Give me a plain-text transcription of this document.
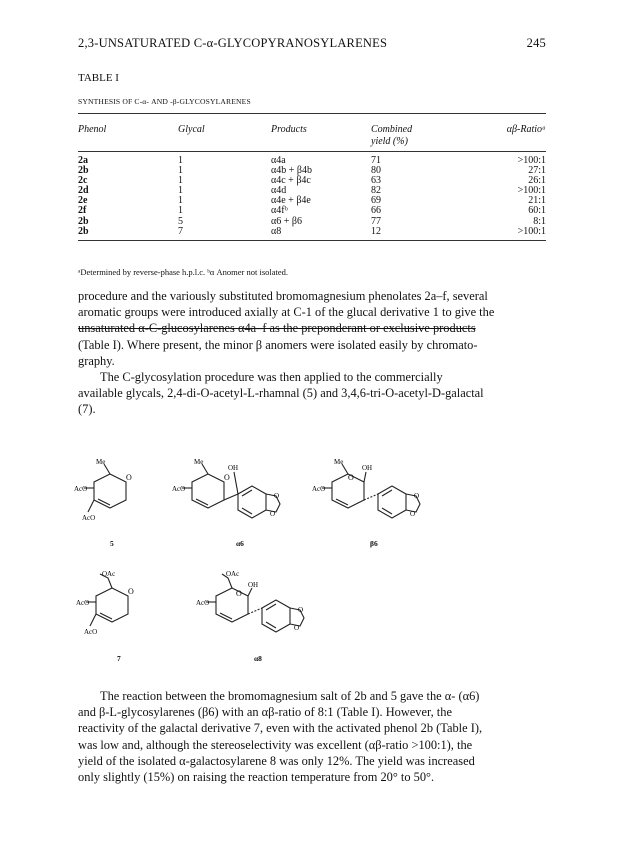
2,3-UNSATURATED C-α-GLYCOPYRANOSYLARENES	245
TABLE I
SYNTHESIS OF C-α- AND -β-GLYCOSYLARENES
Phenol	Glycal	Products	Combined
yield (%)
αβ-Ratioᵃ
2a	1	α4a	71	>100:1
2b	1	α4b + β4b	80	27:1
2c	1	α4c + β4c	63	26:1
2d	1	α4d	82	>100:1
2e	1	α4e + β4e	69	21:1
2f	1	α4fᵇ	66	60:1
2b	5	α6 + β6	77	8:1
2b	7	α8	12	>100:1
ᵃDetermined by reverse-phase h.p.l.c. ᵇα Anomer not isolated.

procedure and the variously substituted bromomagnesium phenolates 2a–f, several

aromatic groups were introduced axially at C-1 of the glucal derivative 1 to give the

unsaturated α-C-glucosylarenes α4a–f as the preponderant or exclusive products

(Table I). Where present, the minor β anomers were isolated easily by chromato-

graphy.

The C-glycosylation procedure was then applied to the commercially

available glycals, 2,4-di-O-acetyl-L-rhamnal (5) and 3,4,6-tri-O-acetyl-D-galactal

(7).

Me
O
AcO
AcO
5
Me
OH
O
AcO
O
O
α6
Me
OH
O
AcO
O
O
β6
OAc
O
AcO
AcO
7
OAc
OH
O
AcO
O
O
α8

The reaction between the bromomagnesium salt of 2b and 5 gave the α- (α6)

and β-L-glycosylarenes (β6) with an αβ-ratio of 8:1 (Table I). However, the

reactivity of the galactal derivative 7, even with the activated phenol 2b (Table I),

was low and, although the stereoselectivity was excellent (αβ-ratio >100:1), the

yield of the isolated α-galactosylarene 8 was only 12%. The yield was increased

only slightly (15%) on raising the reaction temperature from 20° to 50°.
